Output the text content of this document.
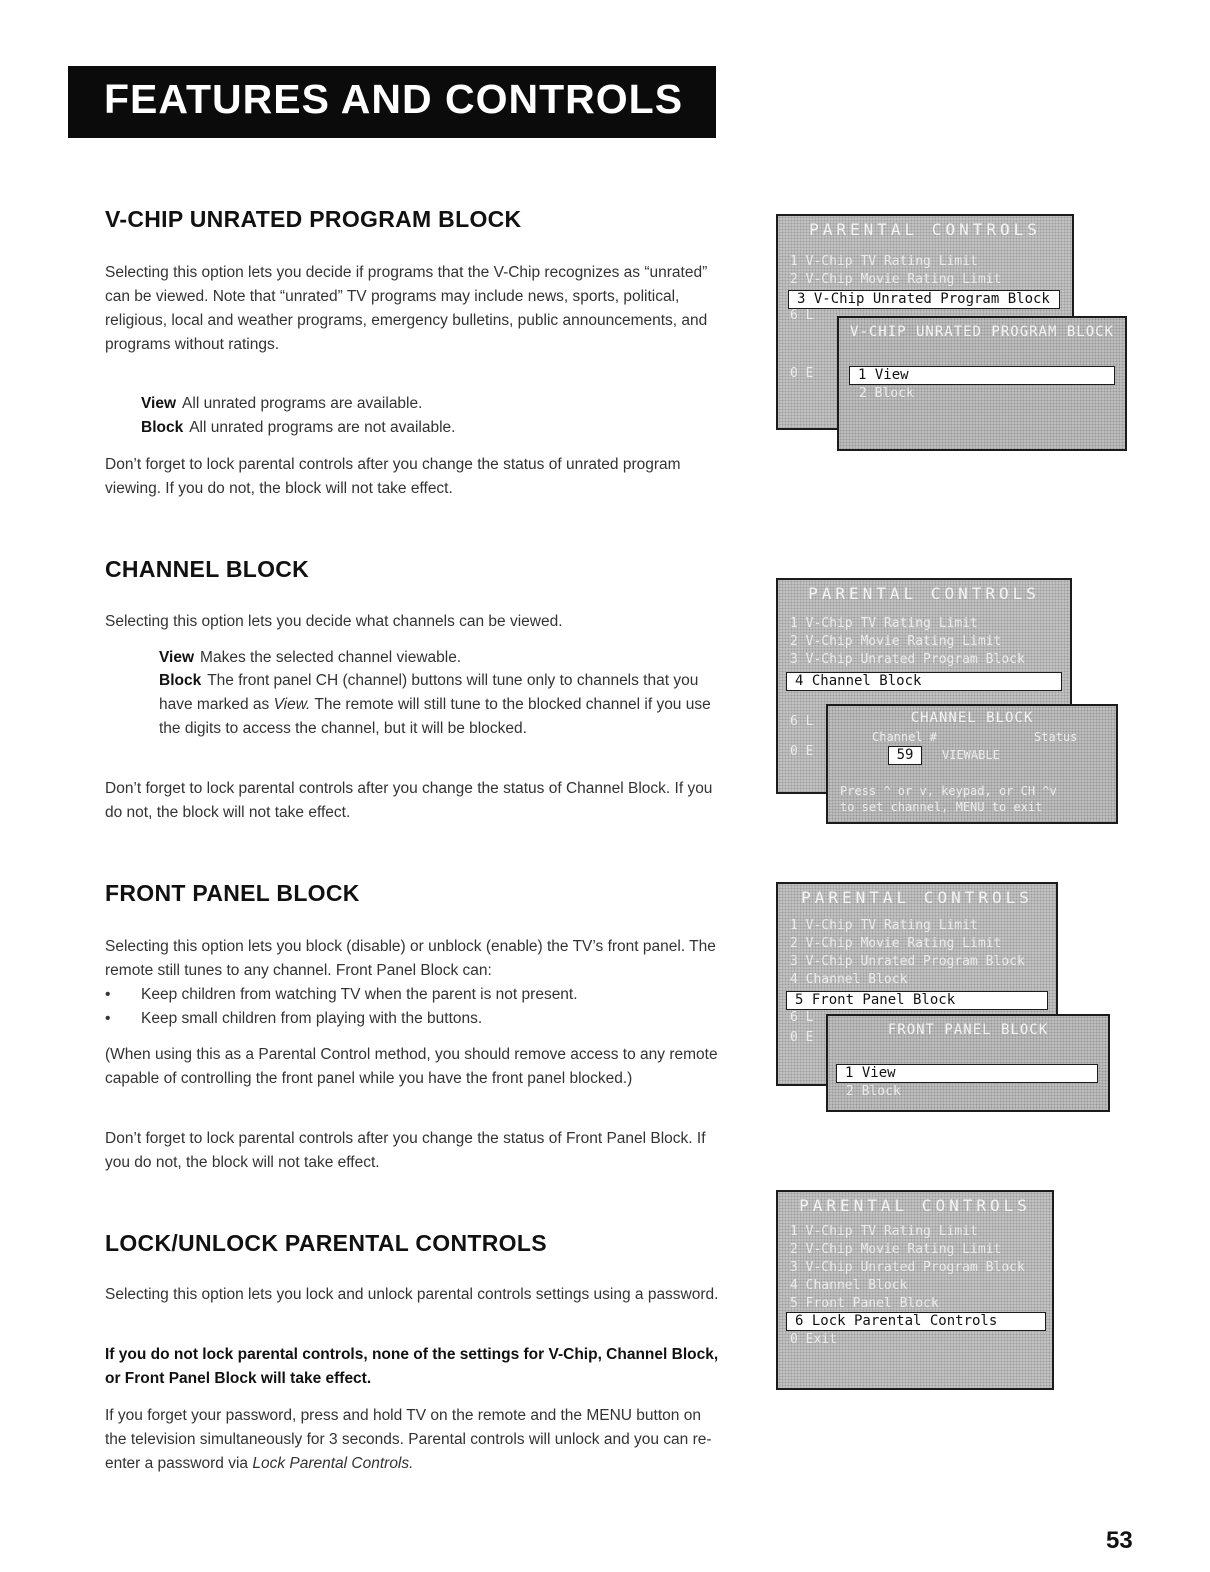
FEATURES AND CONTROLS
V-CHIP UNRATED PROGRAM BLOCK

Selecting this option lets you decide if programs that the V-Chip recognizes as “unrated” can be viewed. Note that “unrated” TV programs may include news, sports, political, religious, local and weather programs, emergency bulletins, public announcements, and programs without ratings.

View All unrated programs are available.

Block All unrated programs are not available.

Don’t forget to lock parental controls after you change the status of unrated program viewing. If you do not, the block will not take effect.

CHANNEL BLOCK

Selecting this option lets you decide what channels can be viewed.

View Makes the selected channel viewable.

Block The front panel CH (channel) buttons will tune only to channels that you have marked as View. The remote will still tune to the blocked channel if you use the digits to access the channel, but it will be blocked.

Don’t forget to lock parental controls after you change the status of Channel Block. If you do not, the block will not take effect.

FRONT PANEL BLOCK

Selecting this option lets you block (disable) or unblock (enable) the TV’s front panel. The remote still tunes to any channel. Front Panel Block can:

• Keep children from watching TV when the parent is not present.
• Keep small children from playing with the buttons.

(When using this as a Parental Control method, you should remove access to any remote capable of controlling the front panel while you have the front panel blocked.)

Don’t forget to lock parental controls after you change the status of Front Panel Block. If you do not, the block will not take effect.

LOCK/UNLOCK PARENTAL CONTROLS

Selecting this option lets you lock and unlock parental controls settings using a password.

If you do not lock parental controls, none of the settings for V-Chip, Channel Block, or Front Panel Block will take effect.

If you forget your password, press and hold TV on the remote and the MENU button on the television simultaneously for 3 seconds. Parental controls will unlock and you can re-enter a password via Lock Parental Controls.

PARENTAL CONTROLS
1 V-Chip TV Rating Limit
2 V-Chip Movie Rating Limit
3 V-Chip Unrated Program Block
6 L
0 E
V-CHIP UNRATED PROGRAM BLOCK
1 View
2 Block
PARENTAL CONTROLS
1 V-Chip TV Rating Limit
2 V-Chip Movie Rating Limit
3 V-Chip Unrated Program Block
4 Channel Block
6 L
0 E
CHANNEL BLOCK
Channel #	Status
59	VIEWABLE
Press ^ or v, keypad, or CH ^v
to set channel, MENU to exit
PARENTAL CONTROLS
1 V-Chip TV Rating Limit
2 V-Chip Movie Rating Limit
3 V-Chip Unrated Program Block
4 Channel Block
5 Front Panel Block
6 L
0 E	FRONT PANEL BLOCK
1 View
2 Block
PARENTAL CONTROLS
1 V-Chip TV Rating Limit
2 V-Chip Movie Rating Limit
3 V-Chip Unrated Program Block
4 Channel Block
5 Front Panel Block
6 Lock Parental Controls
0 Exit
53
